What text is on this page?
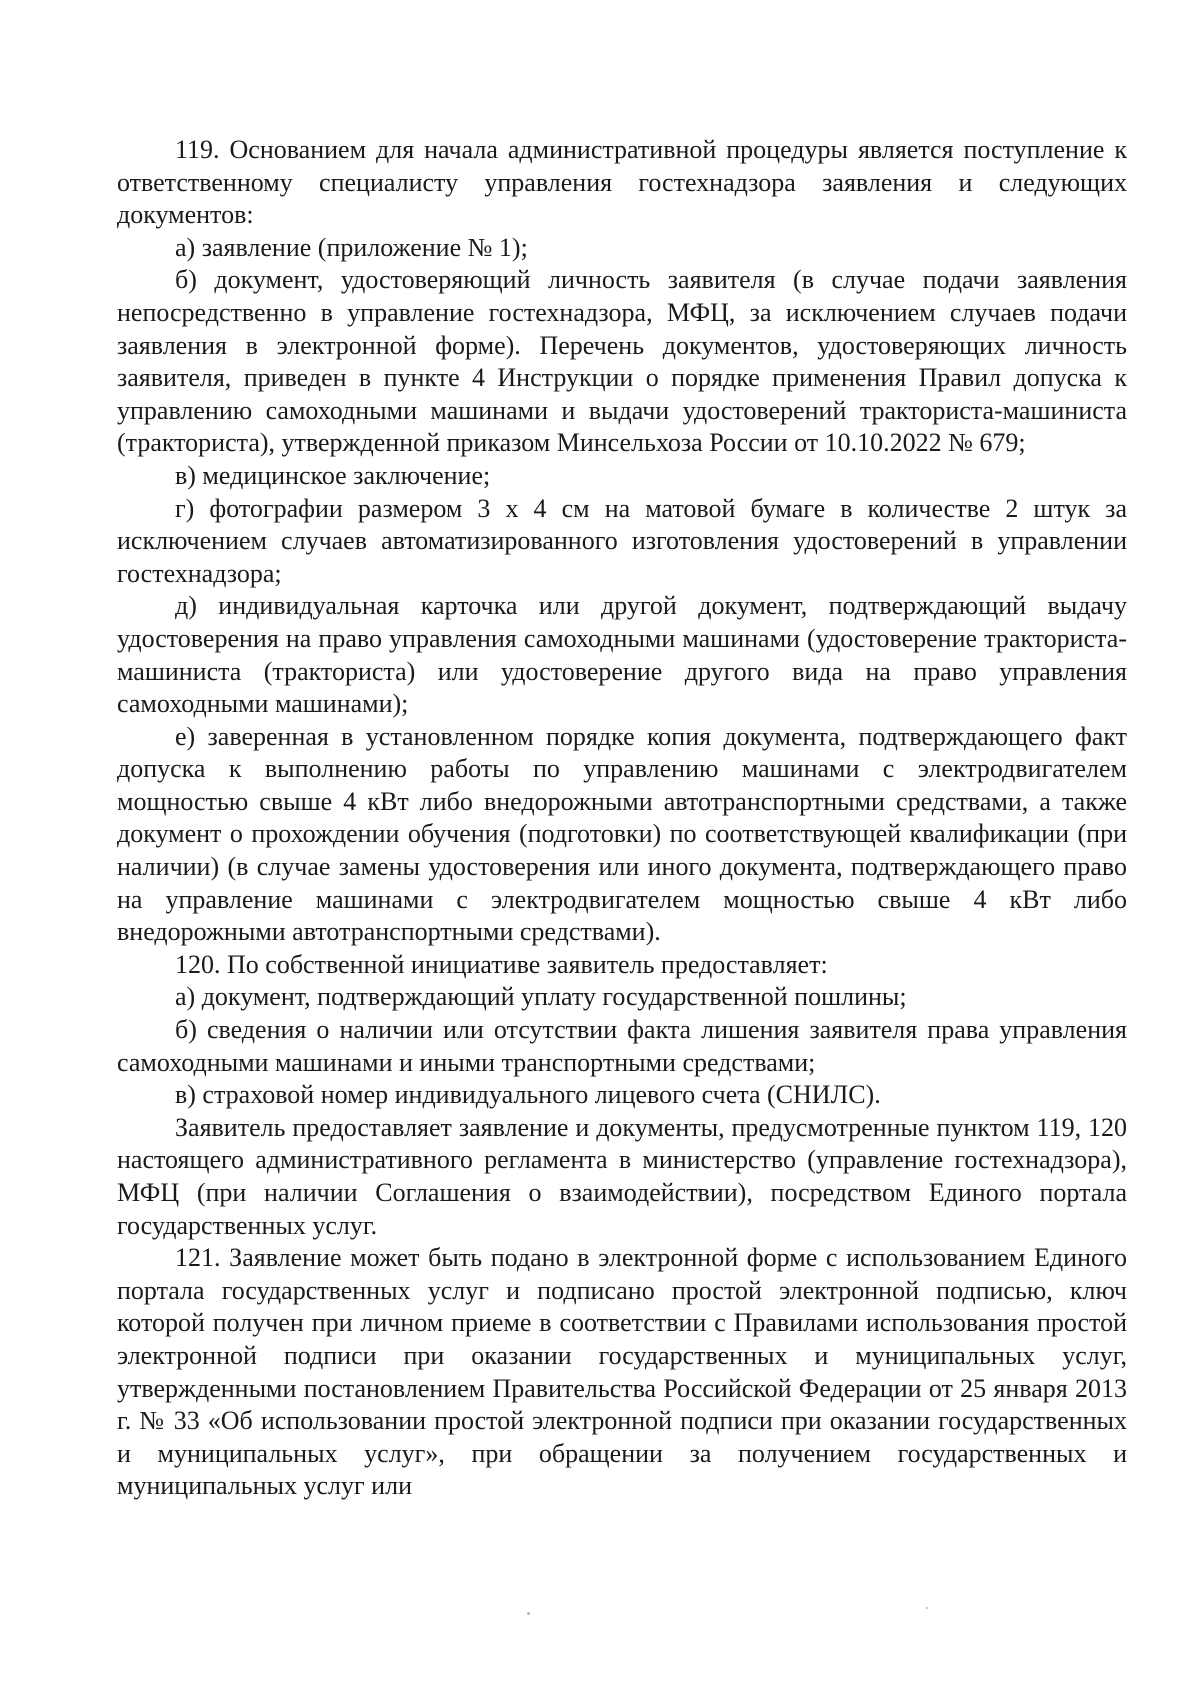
119. Основанием для начала административной процедуры является поступление к ответственному специалисту управления гостехнадзора заявления и следующих документов:

а) заявление (приложение № 1);

б) документ, удостоверяющий личность заявителя (в случае подачи заявления непосредственно в управление гостехнадзора, МФЦ, за исключением случаев подачи заявления в электронной форме). Перечень документов, удостоверяющих личность заявителя, приведен в пункте 4 Инструкции о порядке применения Правил допуска к управлению самоходными машинами и выдачи удостоверений тракториста-машиниста (тракториста), утвержденной приказом Минсельхоза России от 10.10.2022 № 679;

в) медицинское заключение;

г) фотографии размером 3 х 4 см на матовой бумаге в количестве 2 штук за исключением случаев автоматизированного изготовления удостоверений в управлении гостехнадзора;

д) индивидуальная карточка или другой документ, подтверждающий выдачу удостоверения на право управления самоходными машинами (удостоверение тракториста-машиниста (тракториста) или удостоверение другого вида на право управления самоходными машинами);

е) заверенная в установленном порядке копия документа, подтверждающего факт допуска к выполнению работы по управлению машинами с электродвигателем мощностью свыше 4 кВт либо внедорожными автотранспортными средствами, а также документ о прохождении обучения (подготовки) по соответствующей квалификации (при наличии) (в случае замены удостоверения или иного документа, подтверждающего право на управление машинами с электродвигателем мощностью свыше 4 кВт либо внедорожными автотранспортными средствами).

120. По собственной инициативе заявитель предоставляет:

а) документ, подтверждающий уплату государственной пошлины;

б) сведения о наличии или отсутствии факта лишения заявителя права управления самоходными машинами и иными транспортными средствами;

в) страховой номер индивидуального лицевого счета (СНИЛС).

Заявитель предоставляет заявление и документы, предусмотренные пунктом 119, 120 настоящего административного регламента в министерство (управление гостехнадзора), МФЦ (при наличии Соглашения о взаимодействии), посредством Единого портала государственных услуг.

121. Заявление может быть подано в электронной форме с использованием Единого портала государственных услуг и подписано простой электронной подписью, ключ которой получен при личном приеме в соответствии с Правилами использования простой электронной подписи при оказании государственных и муниципальных услуг, утвержденными постановлением Правительства Российской Федерации от 25 января 2013 г. № 33 «Об использовании простой электронной подписи при оказании государственных и муниципальных услуг», при обращении за получением государственных и муниципальных услуг или
